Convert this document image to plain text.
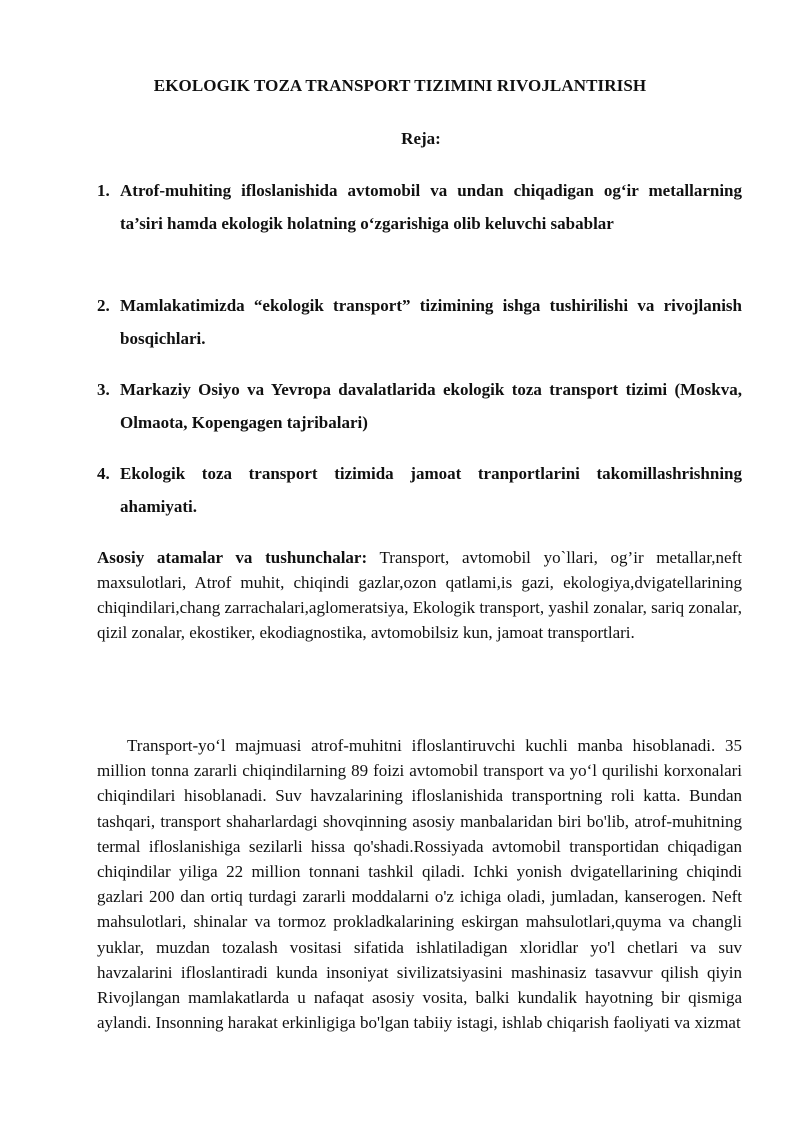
EKOLOGIK TOZA TRANSPORT TIZIMINI RIVOJLANTIRISH
Reja:

1. Atrof-muhiting ifloslanishida avtomobil va undan chiqadigan og‘ir metallarning ta’siri hamda ekologik holatning o‘zgarishiga olib keluvchi sabablar

2. Mamlakatimizda “ekologik transport” tizimining ishga tushirilishi va rivojlanish bosqichlari.

3. Markaziy Osiyo va Yevropa davalatlarida ekologik toza transport tizimi (Moskva, Olmaota, Kopengagen tajribalari)

4. Ekologik toza transport tizimida jamoat tranportlarini takomillashrishning ahamiyati.

Asosiy atamalar va tushunchalar: Transport, avtomobil yo`llari, og’ir metallar,neft maxsulotlari, Atrof muhit, chiqindi gazlar,ozon qatlami,is gazi, ekologiya,dvigatellarining chiqindilari,chang zarrachalari,aglomeratsiya, Ekologik transport, yashil zonalar, sariq zonalar, qizil zonalar, ekostiker, ekodiagnostika, avtomobilsiz kun, jamoat transportlari.

Transport-yo‘l majmuasi atrof-muhitni ifloslantiruvchi kuchli manba hisoblanadi. 35 million tonna zararli chiqindilarning 89 foizi avtomobil transport va yo‘l qurilishi korxonalari chiqindilari hisoblanadi. Suv havzalarining ifloslanishida transportning roli katta. Bundan tashqari, transport shaharlardagi shovqinning asosiy manbalaridan biri bo'lib, atrof-muhitning termal ifloslanishiga sezilarli hissa qo'shadi.Rossiyada avtomobil transportidan chiqadigan chiqindilar yiliga 22 million tonnani tashkil qiladi. Ichki yonish dvigatellarining chiqindi gazlari 200 dan ortiq turdagi zararli moddalarni o'z ichiga oladi, jumladan, kanserogen. Neft mahsulotlari, shinalar va tormoz prokladkalarining eskirgan mahsulotlari,quyma va changli yuklar, muzdan tozalash vositasi sifatida ishlatiladigan xloridlar yo'l chetlari va suv havzalarini ifloslantiradi kunda insoniyat sivilizatsiyasini mashinasiz tasavvur qilish qiyin Rivojlangan mamlakatlarda u nafaqat asosiy vosita, balki kundalik hayotning bir qismiga aylandi. Insonning harakat erkinligiga bo'lgan tabiiy istagi, ishlab chiqarish faoliyati va xizmat
